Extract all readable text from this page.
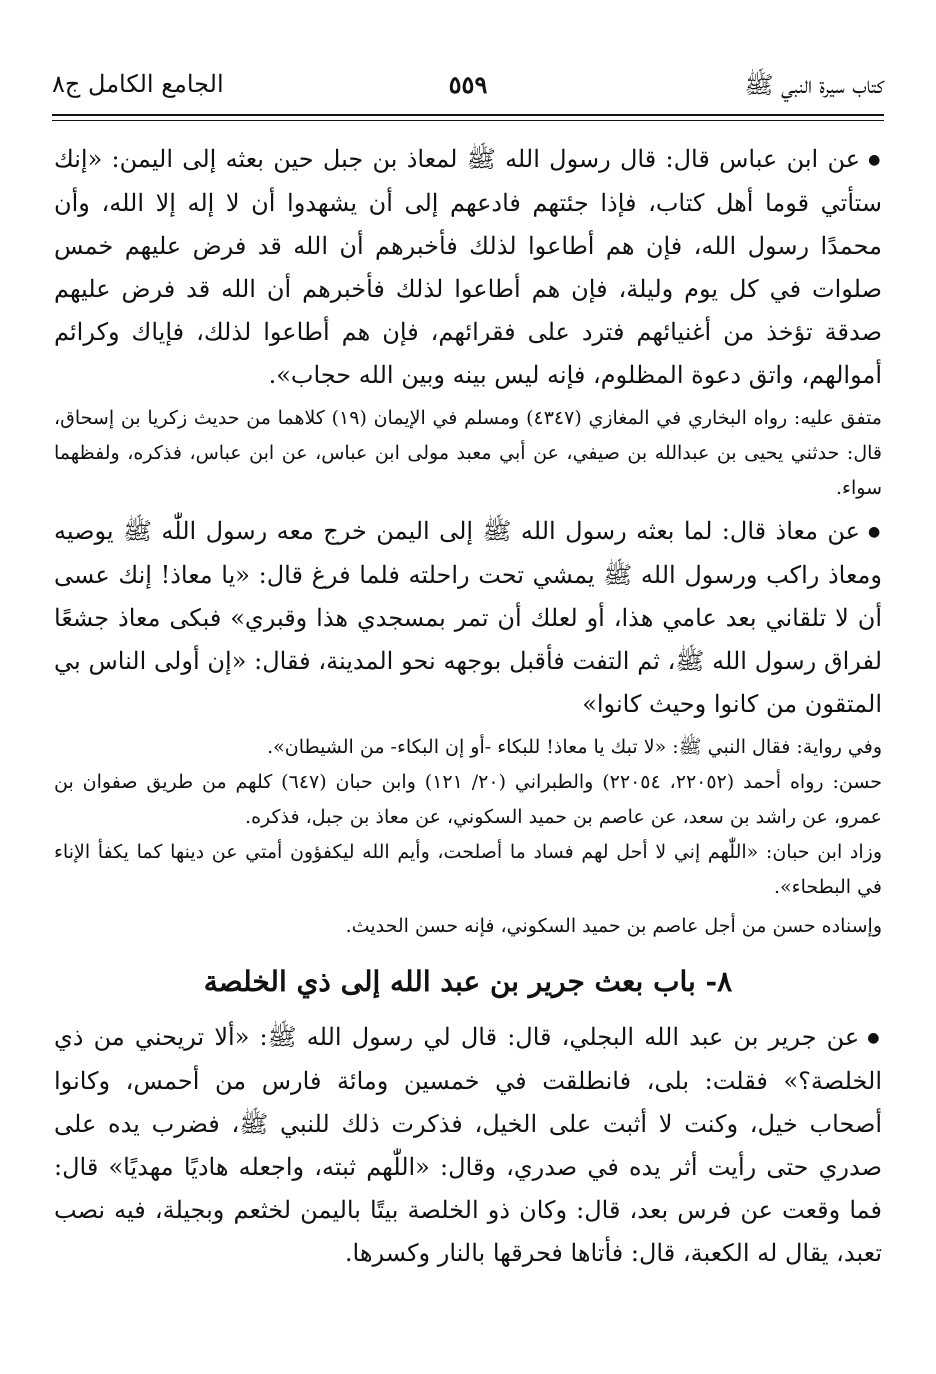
كتاب سيرة النبي ﷺ
٥٥٩
الجامع الكامل ج٨

●عن ابن عباس قال: قال رسول الله ﷺ لمعاذ بن جبل حين بعثه إلى اليمن: «إنك ستأتي قوما أهل كتاب، فإذا جئتهم فادعهم إلى أن يشهدوا أن لا إله إلا الله، وأن محمدًا رسول الله، فإن هم أطاعوا لذلك فأخبرهم أن الله قد فرض عليهم خمس صلوات في كل يوم وليلة، فإن هم أطاعوا لذلك فأخبرهم أن الله قد فرض عليهم صدقة تؤخذ من أغنيائهم فترد على فقرائهم، فإن هم أطاعوا لذلك، فإياك وكرائم أموالهم، واتق دعوة المظلوم، فإنه ليس بينه وبين الله حجاب».

متفق عليه: رواه البخاري في المغازي (٤٣٤٧) ومسلم في الإيمان (١٩) كلاهما من حديث زكريا بن إسحاق، قال: حدثني يحيى بن عبدالله بن صيفي، عن أبي معبد مولى ابن عباس، عن ابن عباس، فذكره، ولفظهما سواء.

●عن معاذ قال: لما بعثه رسول الله ﷺ إلى اليمن خرج معه رسول اللّٰه ﷺ يوصيه ومعاذ راكب ورسول الله ﷺ يمشي تحت راحلته فلما فرغ قال: «يا معاذ! إنك عسى أن لا تلقاني بعد عامي هذا، أو لعلك أن تمر بمسجدي هذا وقبري» فبكى معاذ جشعًا لفراق رسول الله ﷺ، ثم التفت فأقبل بوجهه نحو المدينة، فقال: «إن أولى الناس بي المتقون من كانوا وحيث كانوا»

وفي رواية: فقال النبي ﷺ: «لا تبك يا معاذ! للبكاء -أو إن البكاء- من الشيطان».

حسن: رواه أحمد (٢٢٠٥٢، ٢٢٠٥٤) والطبراني (٢٠/ ١٢١) وابن حبان (٦٤٧) كلهم من طريق صفوان بن عمرو، عن راشد بن سعد، عن عاصم بن حميد السكوني، عن معاذ بن جبل، فذكره.

وزاد ابن حبان: «اللّٰهم إني لا أحل لهم فساد ما أصلحت، وأيم الله ليكفؤون أمتي عن دينها كما يكفأ الإناء في البطحاء».

وإسناده حسن من أجل عاصم بن حميد السكوني، فإنه حسن الحديث.

٨- باب بعث جرير بن عبد الله إلى ذي الخلصة

●عن جرير بن عبد الله البجلي، قال: قال لي رسول الله ﷺ: «ألا تريحني من ذي الخلصة؟» فقلت: بلى، فانطلقت في خمسين ومائة فارس من أحمس، وكانوا أصحاب خيل، وكنت لا أثبت على الخيل، فذكرت ذلك للنبي ﷺ، فضرب يده على صدري حتى رأيت أثر يده في صدري، وقال: «اللّٰهم ثبته، واجعله هاديًا مهديًا» قال: فما وقعت عن فرس بعد، قال: وكان ذو الخلصة بيتًا باليمن لخثعم وبجيلة، فيه نصب تعبد، يقال له الكعبة، قال: فأتاها فحرقها بالنار وكسرها.
